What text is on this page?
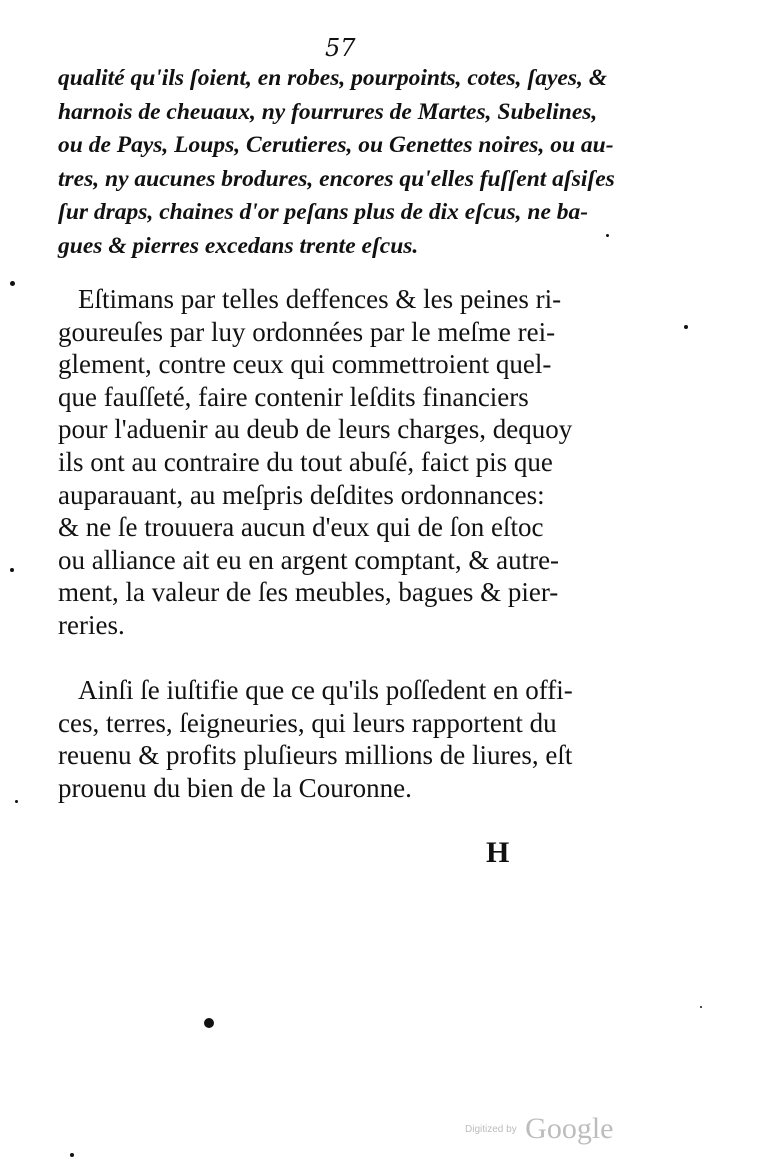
57
qualité qu'ils ſoient, en robes, pourpoints, cotes, ſayes, &
harnois de cheuaux, ny fourrures de Martes, Subelines,
ou de Pays, Loups, Cerutieres, ou Genettes noires, ou au-
tres, ny aucunes brodures, encores qu'elles fuſſent aſsiſes
ſur draps, chaines d'or peſans plus de dix eſcus, ne ba-
gues & pierres excedans trente eſcus.
Eſtimans par telles deffences & les peines ri-
goureuſes par luy ordonnées par le meſme rei-
glement, contre ceux qui commettroient quel-
que fauſſeté, faire contenir leſdits financiers
pour l'aduenir au deub de leurs charges, dequoy
ils ont au contraire du tout abuſé, faict pis que
auparauant, au meſpris deſdites ordonnances:
& ne ſe trouuera aucun d'eux qui de ſon eſtoc
ou alliance ait eu en argent comptant, & autre-
ment, la valeur de ſes meubles, bagues & pier-
reries.
Ainſi ſe iuſtifie que ce qu'ils poſſedent en offi-
ces, terres, ſeigneuries, qui leurs rapportent du
reuenu & profits pluſieurs millions de liures, eſt
prouenu du bien de la Couronne.
H
Digitized by Google
